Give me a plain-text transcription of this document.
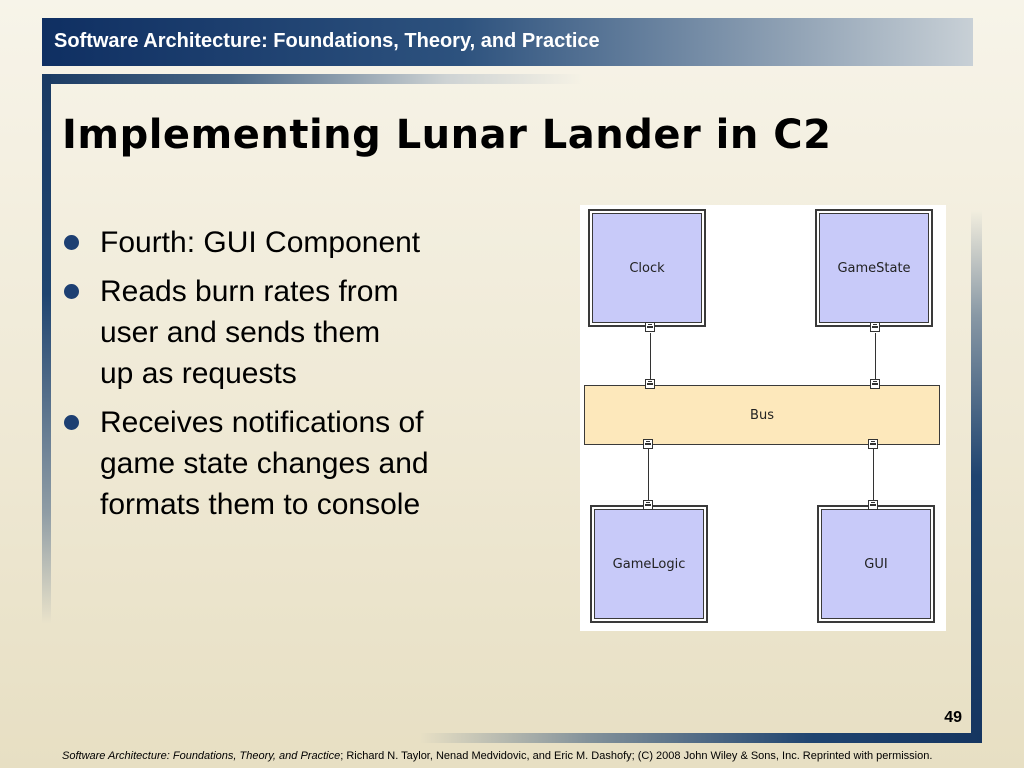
Software Architecture: Foundations, Theory, and Practice
Implementing Lunar Lander in C2
Fourth: GUI Component
Reads burn rates from
user and sends them
up as requests
Receives notifications of
game state changes and
formats them to console
Clock	GameState
Bus
GameLogic	GUI
49
Software Architecture: Foundations, Theory, and Practice; Richard N. Taylor, Nenad Medvidovic, and Eric M. Dashofy; (C) 2008 John Wiley & Sons, Inc. Reprinted with permission.
